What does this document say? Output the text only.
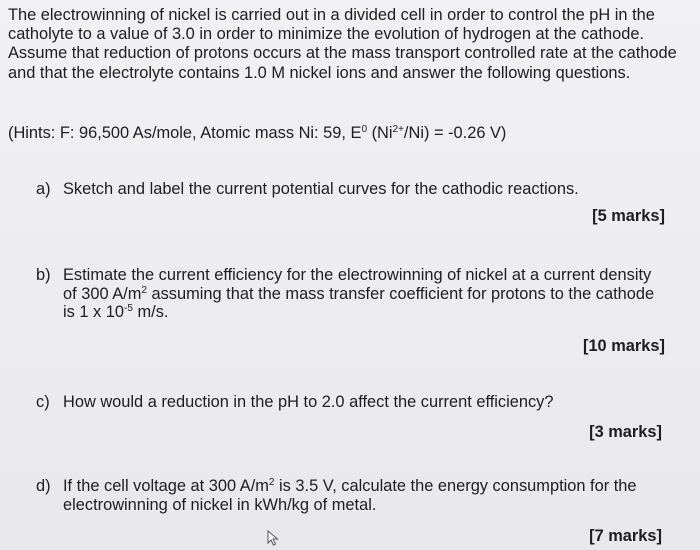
The electrowinning of nickel is carried out in a divided cell in order to control the pH in the catholyte to a value of 3.0 in order to minimize the evolution of hydrogen at the cathode. Assume that reduction of protons occurs at the mass transport controlled rate at the cathode and that the electrolyte contains 1.0 M nickel ions and answer the following questions.

(Hints: F: 96,500 As/mole, Atomic mass Ni: 59, $E^0$ $(Ni^{2+}/Ni) = -0.26$ V)
a) Sketch and label the current potential curves for the cathodic reactions.
[5 marks]
b) Estimate the current efficiency for the electrowinning of nickel at a current density of 300 $A/m^2$ assuming that the mass transfer coefficient for protons to the cathode is 1 x $10^{-5}$ m/s.
[10 marks]
c) How would a reduction in the pH to 2.0 affect the current efficiency?
[3 marks]
d) If the cell voltage at 300 $A/m^2$ is 3.5 V, calculate the energy consumption for the electrowinning of nickel in kWh/kg of metal.
[7 marks]
